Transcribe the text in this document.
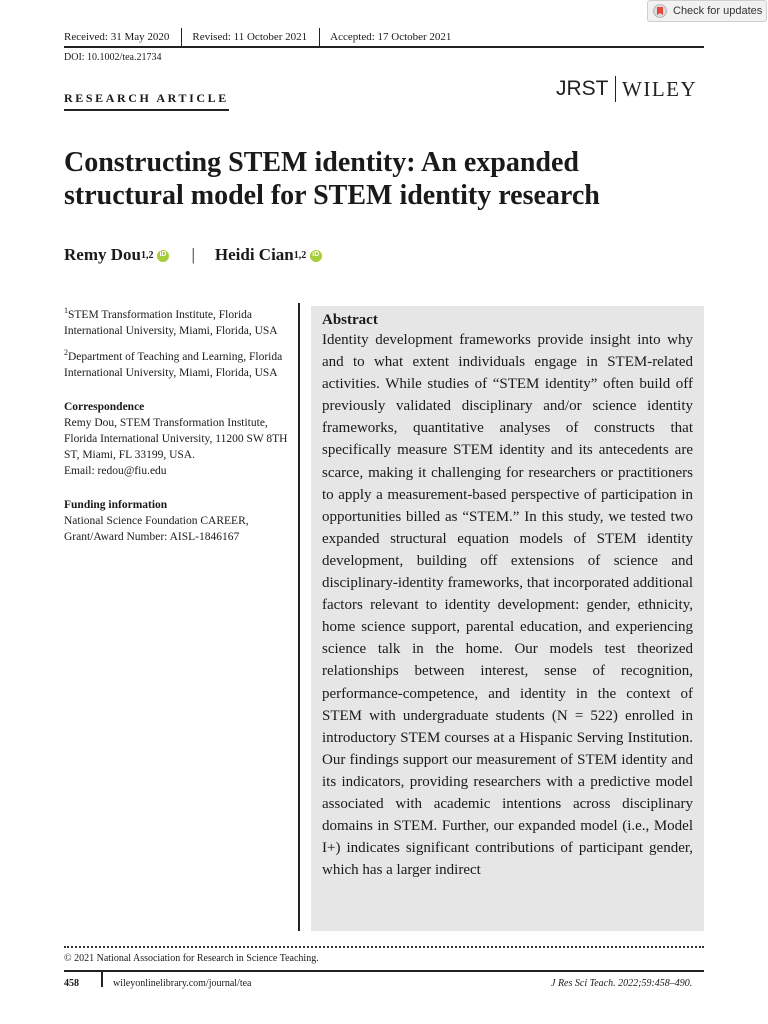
Check for updates
Received: 31 May 2020	Revised: 11 October 2021	Accepted: 17 October 2021
DOI: 10.1002/tea.21734
RESEARCH ARTICLE	JRST WILEY
Constructing STEM identity: An expanded structural model for STEM identity research
Remy Dou 1,2
iD | Heidi Cian 1,2
iD

$^1$STEM Transformation Institute, Florida International University, Miami, Florida, USA

$^2$Department of Teaching and Learning, Florida International University, Miami, Florida, USA

Correspondence

Remy Dou, STEM Transformation Institute, Florida International University, 11200 SW 8TH ST, Miami, FL 33199, USA.

Email: redou@fiu.edu

Funding information

National Science Foundation CAREER, Grant/Award Number: AISL-1846167

Abstract

Identity development frameworks provide insight into why and to what extent individuals engage in STEM-related activities. While studies of “STEM identity” often build off previously validated disciplinary and/or science identity frameworks, quantitative analyses of constructs that specifically measure STEM identity and its antecedents are scarce, making it challenging for researchers or practitioners to apply a measurement-based perspective of participation in opportunities billed as “STEM.” In this study, we tested two expanded structural equation models of STEM identity development, building off extensions of science and disciplinary-identity frameworks, that incorporated additional factors relevant to identity development: gender, ethnicity, home science support, parental education, and experiencing science talk in the home. Our models test theorized relationships between interest, sense of recognition, performance-competence, and identity in the context of STEM with undergraduate students (N = 522) enrolled in introductory STEM courses at a Hispanic Serving Institution. Our findings support our measurement of STEM identity and its indicators, providing researchers with a predictive model associated with academic intentions across disciplinary domains in STEM. Further, our expanded model (i.e., Model I+) indicates significant contributions of participant gender, which has a larger indirect

© 2021 National Association for Research in Science Teaching.
458	wileyonlinelibrary.com/journal/tea	J Res Sci Teach. 2022;59:458–490.
